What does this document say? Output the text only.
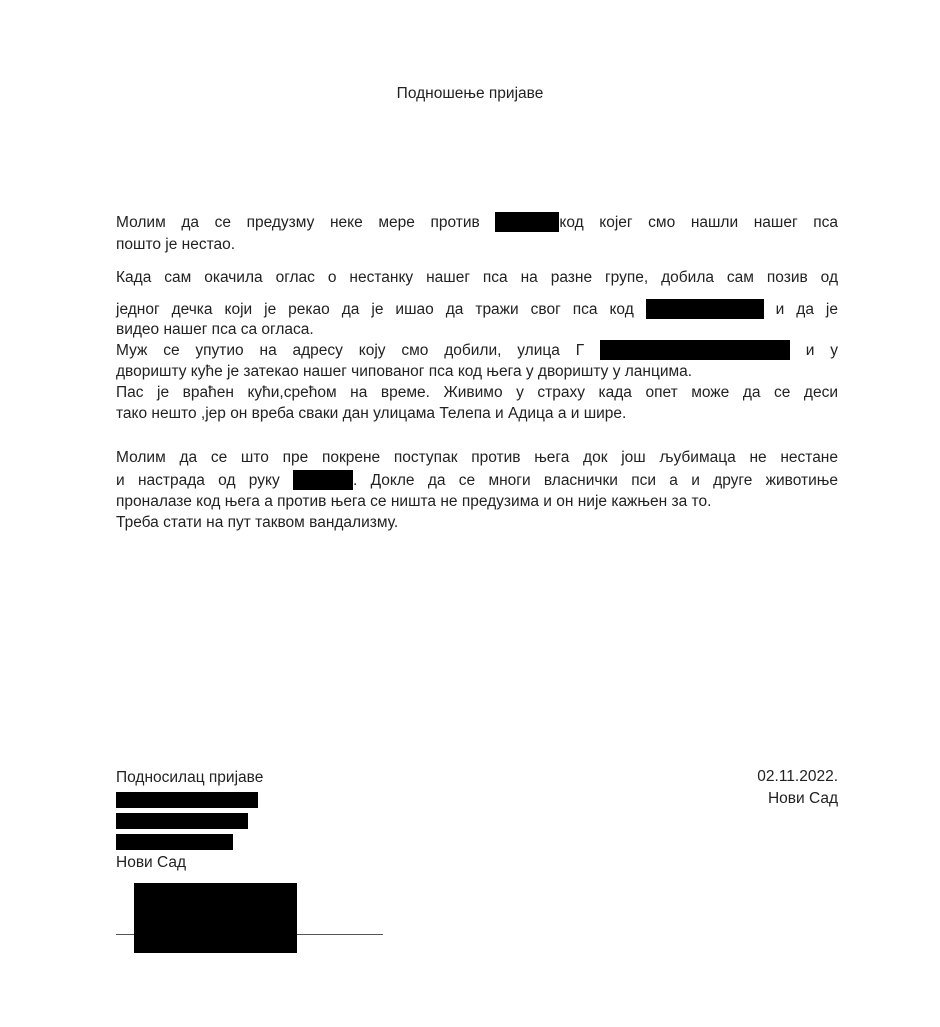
Подношење пријаве
Молим да се предузму неке мере против	код којег смо нашли нашег пса
пошто је нестао.
Када сам окачила оглас о нестанку нашег пса на разне групе, добила сам позив од
једног дечка који је рекао да је ишао да тражи свог пса код	и да је
видео нашег пса са огласа.
Муж се упутио на адресу коју смо добили, улица Г	и у
дворишту куће је затекао нашег чипованог пса код њега у дворишту у ланцима.
Пас је враћен кући,срећом на време. Живимо у страху када опет може да се деси
тако нешто ,јер он вреба сваки дан улицама Телепа и Адица а и шире.
Молим да се што пре покрене поступак против њега док још љубимаца не нестане
и настрада од руку	. Докле да се многи власнички пси а и друге животиње
проналазе код њега а против њега се ништа не предузима и он није кажњен за то.
Треба стати на пут таквом вандализму.
Подносилац пријаве
Нови Сад
02.11.2022.
Нови Сад
